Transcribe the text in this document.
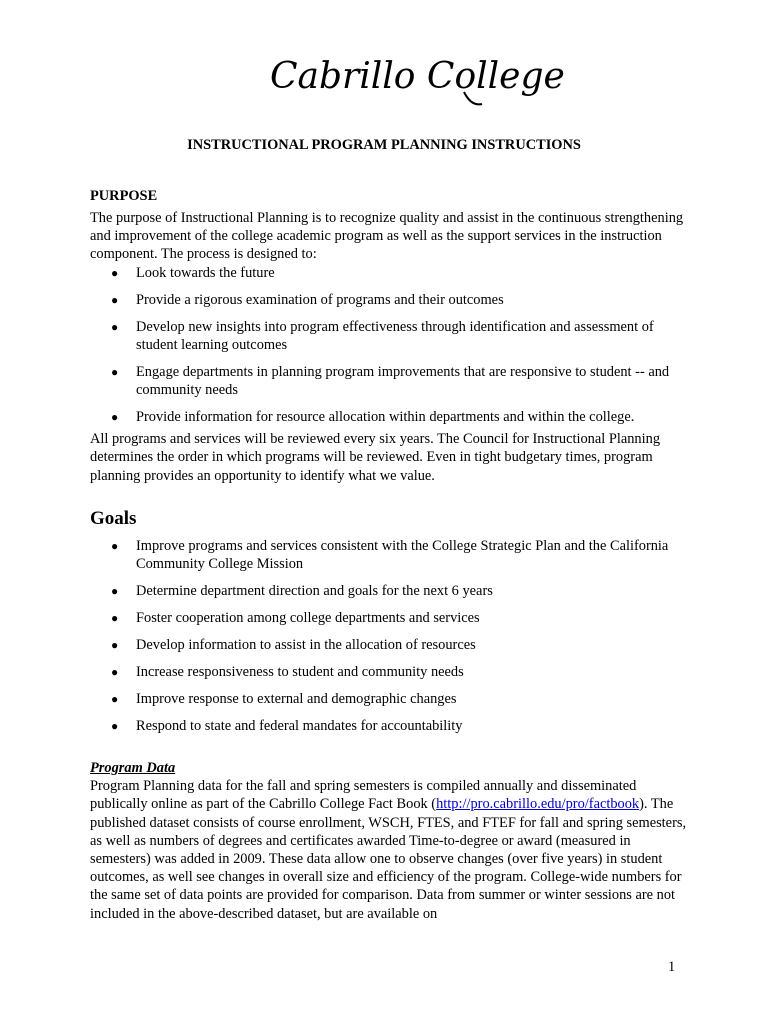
Cabrillo College
INSTRUCTIONAL PROGRAM PLANNING INSTRUCTIONS
PURPOSE

The purpose of Instructional Planning is to recognize quality and assist in the continuous strengthening and improvement of the college academic program as well as the support services in the instruction component. The process is designed to:

● Look towards the future
● Provide a rigorous examination of programs and their outcomes
● Develop new insights into program effectiveness through identification and assessment of student learning outcomes
● Engage departments in planning program improvements that are responsive to student -- and community needs
● Provide information for resource allocation within departments and within the college.

All programs and services will be reviewed every six years. The Council for Instructional Planning determines the order in which programs will be reviewed. Even in tight budgetary times, program planning provides an opportunity to identify what we value.

Goals
● Improve programs and services consistent with the College Strategic Plan and the California Community College Mission
● Determine department direction and goals for the next 6 years
● Foster cooperation among college departments and services
● Develop information to assist in the allocation of resources
● Increase responsiveness to student and community needs
● Improve response to external and demographic changes
● Respond to state and federal mandates for accountability
Program Data

Program Planning data for the fall and spring semesters is compiled annually and disseminated publically online as part of the Cabrillo College Fact Book (http://pro.cabrillo.edu/pro/factbook). The published dataset consists of course enrollment, WSCH, FTES, and FTEF for fall and spring semesters, as well as numbers of degrees and certificates awarded Time-to-degree or award (measured in semesters) was added in 2009. These data allow one to observe changes (over five years) in student outcomes, as well see changes in overall size and efficiency of the program. College-wide numbers for the same set of data points are provided for comparison. Data from summer or winter sessions are not included in the above-described dataset, but are available on

1
